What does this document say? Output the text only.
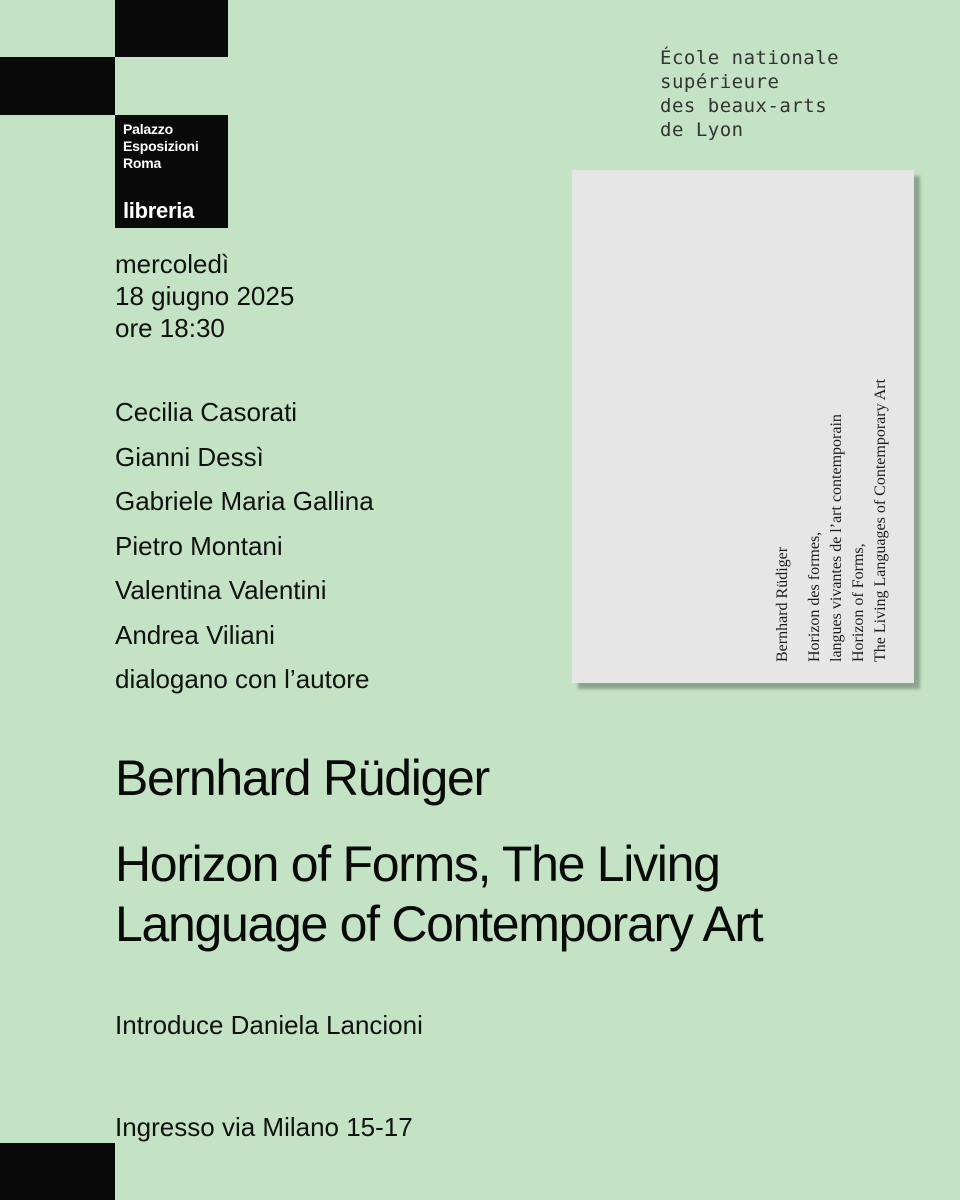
Palazzo
Esposizioni
Roma
libreria
École nationale
supérieure
des beaux-arts
de Lyon
mercoledì
18 giugno 2025
ore 18:30
Cecilia Casorati
Gianni Dessì
Gabriele Maria Gallina
Pietro Montani
Valentina Valentini
Andrea Viliani
dialogano con l’autore
Bernhard Rüdiger Horizon des formes, langues vivantes de l’art contemporain Horizon of Forms, The Living Languages of Contemporary Art
Bernhard Rüdiger
Horizon of Forms, The Living
Language of Contemporary Art
Introduce Daniela Lancioni
Ingresso via Milano 15-17
